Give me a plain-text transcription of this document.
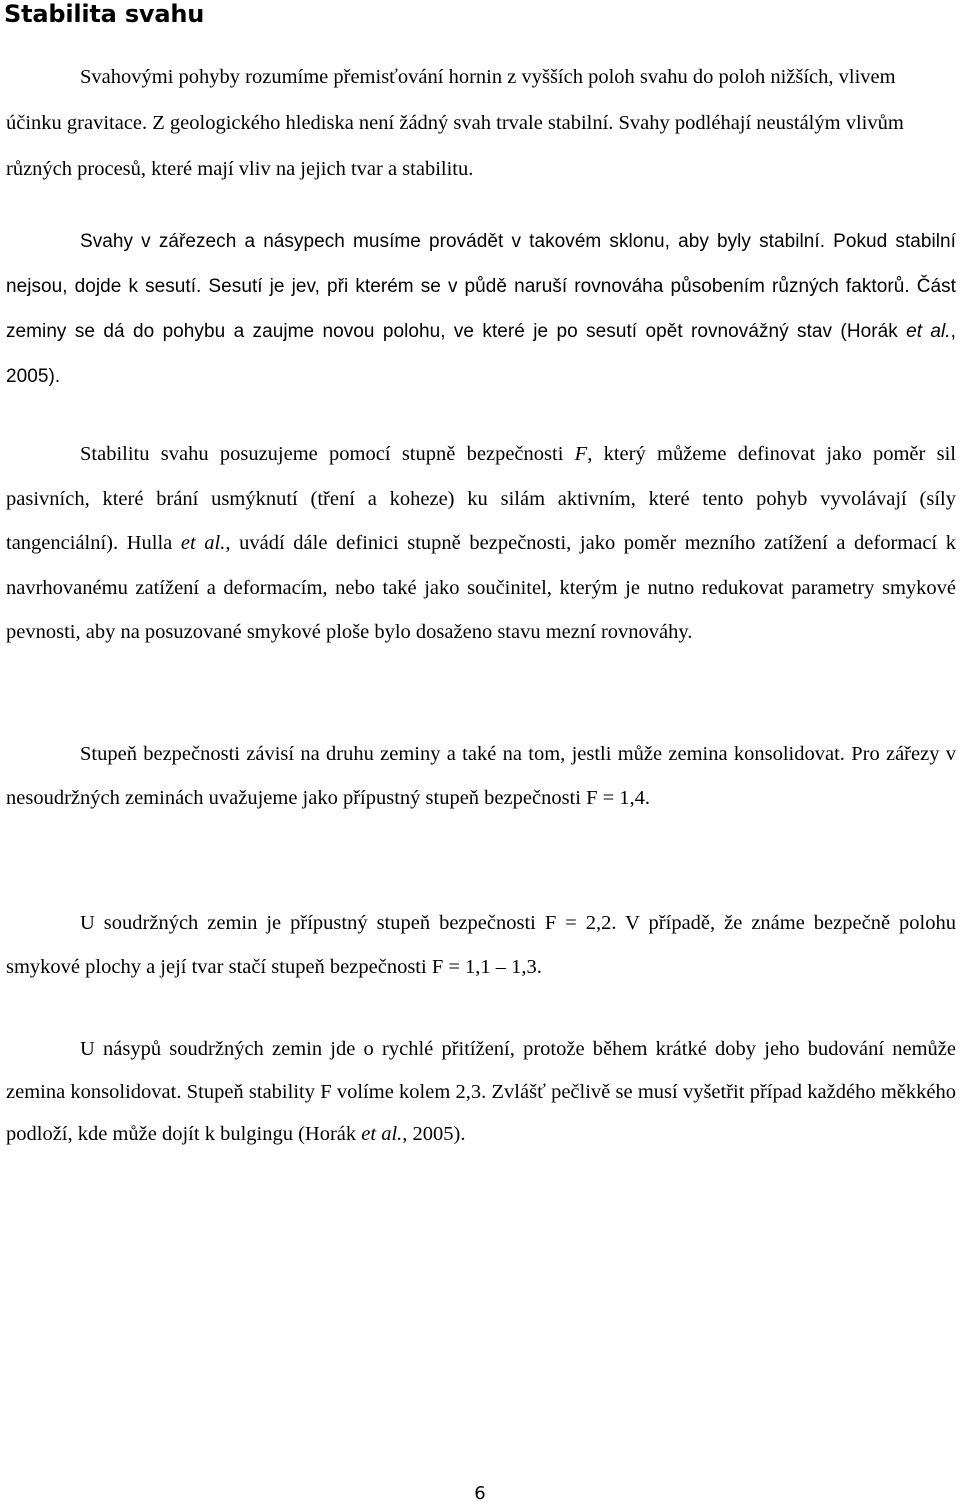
Stabilita svahu

Svahovými pohyby rozumíme přemisťování hornin z vyšších poloh svahu do poloh nižších, vlivem účinku gravitace. Z geologického hlediska není žádný svah trvale stabilní. Svahy podléhají neustálým vlivům různých procesů, které mají vliv na jejich tvar a stabilitu.

Svahy v zářezech a násypech musíme provádět v takovém sklonu, aby byly stabilní. Pokud stabilní nejsou, dojde k sesutí. Sesutí je jev, při kterém se v půdě naruší rovnováha působením různých faktorů. Část zeminy se dá do pohybu a zaujme novou polohu, ve které je po sesutí opět rovnovážný stav (Horák et al., 2005).

Stabilitu svahu posuzujeme pomocí stupně bezpečnosti F, který můžeme definovat jako poměr sil pasivních, které brání usmýknutí (tření a koheze) ku silám aktivním, které tento pohyb vyvolávají (síly tangenciální). Hulla et al., uvádí dále definici stupně bezpečnosti, jako poměr mezního zatížení a deformací k navrhovanému zatížení a deformacím, nebo také jako součinitel, kterým je nutno redukovat parametry smykové pevnosti, aby na posuzované smykové ploše bylo dosaženo stavu mezní rovnováhy.

Stupeň bezpečnosti závisí na druhu zeminy a také na tom, jestli může zemina konsolidovat. Pro zářezy v nesoudržných zeminách uvažujeme jako přípustný stupeň bezpečnosti F = 1,4.

U soudržných zemin je přípustný stupeň bezpečnosti F = 2,2. V případě, že známe bezpečně polohu smykové plochy a její tvar stačí stupeň bezpečnosti F = 1,1 – 1,3.

U násypů soudržných zemin jde o rychlé přitížení, protože během krátké doby jeho budování nemůže zemina konsolidovat. Stupeň stability F volíme kolem 2,3. Zvlášť pečlivě se musí vyšetřit případ každého měkkého podloží, kde může dojít k bulgingu (Horák et al., 2005).

6
